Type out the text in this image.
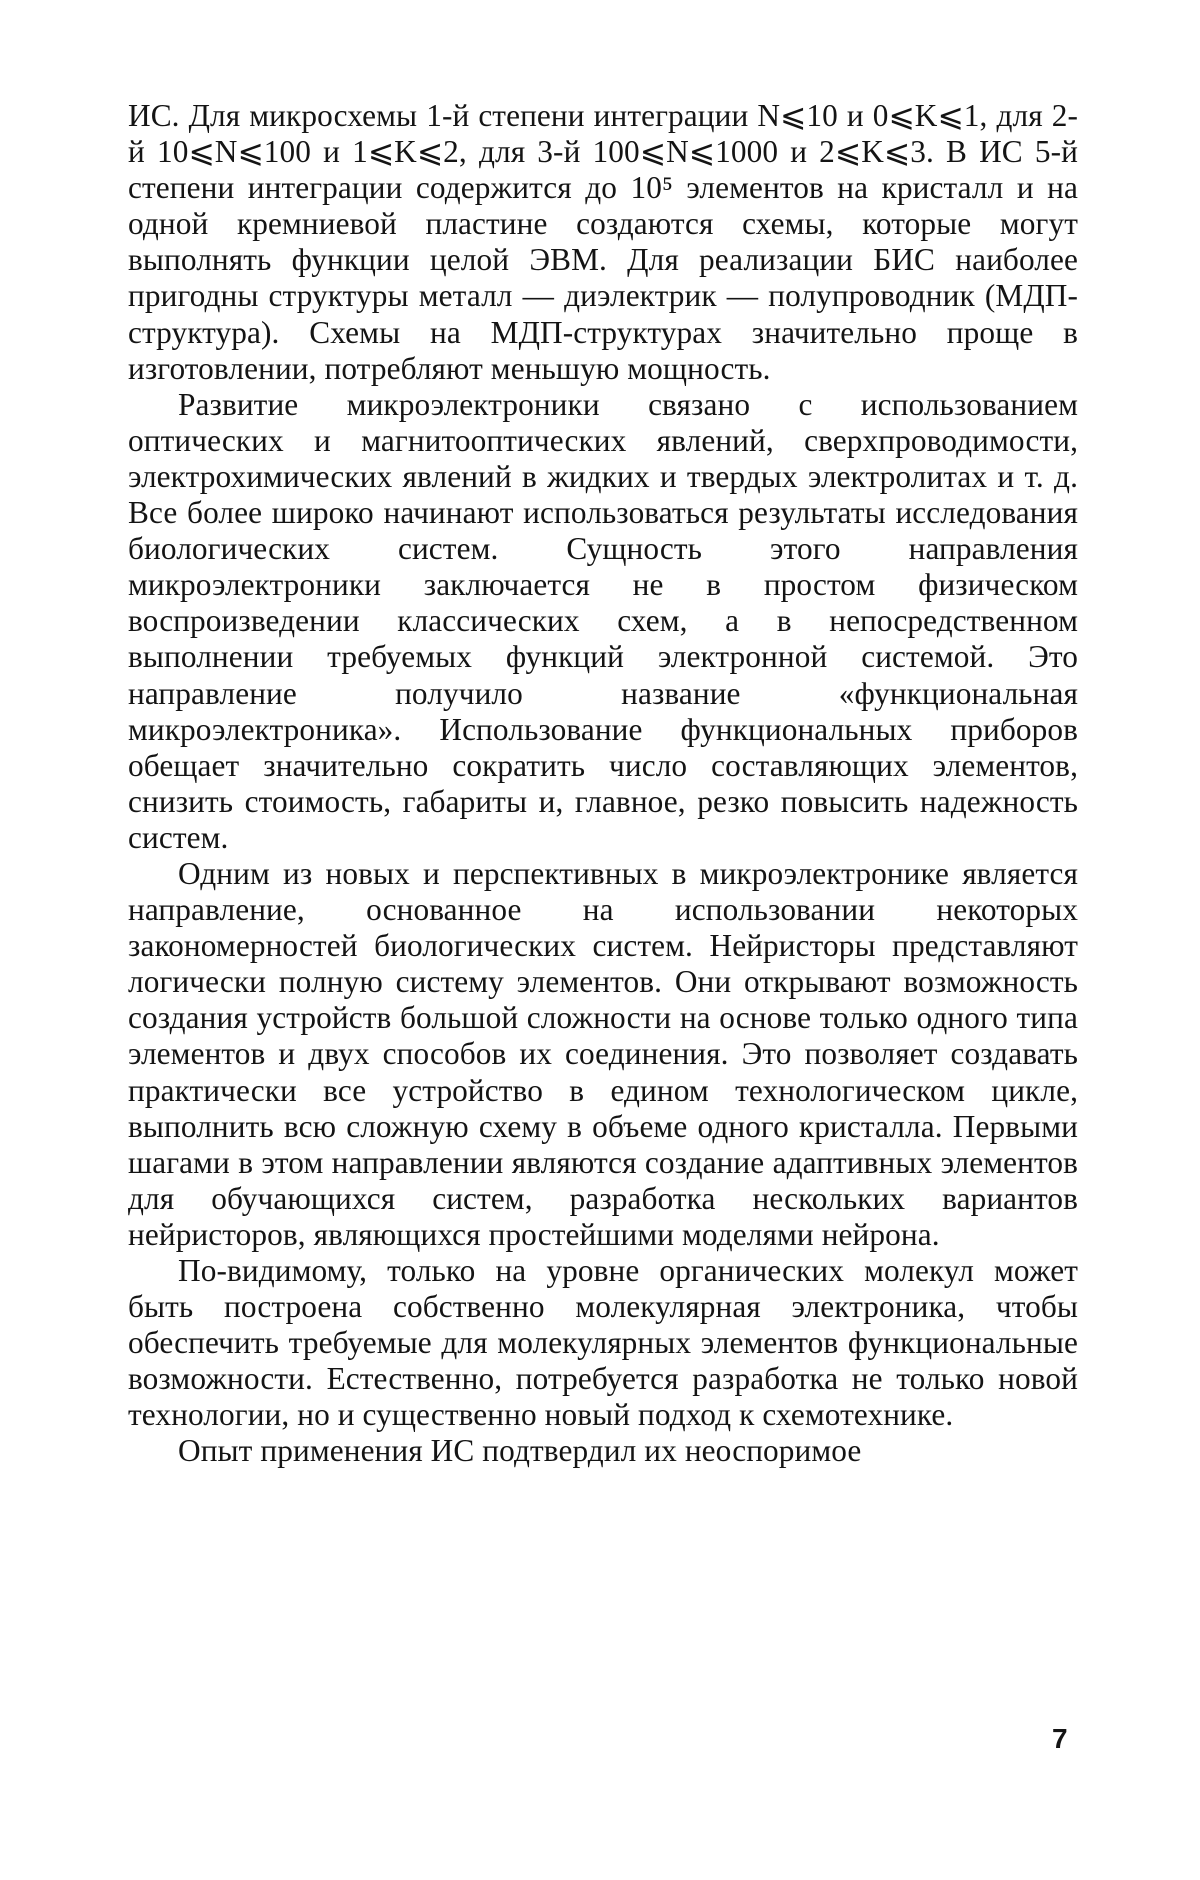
ИС. Для микросхемы 1-й степени интеграции N⩽10 и 0⩽K⩽1, для 2-й 10⩽N⩽100 и 1⩽K⩽2, для 3-й 100⩽N⩽1000 и 2⩽K⩽3. В ИС 5-й степени интеграции содержится до 10⁵ элементов на кристалл и на одной кремниевой пластине создаются схемы, которые могут выполнять функции целой ЭВМ. Для реализации БИС наиболее пригодны структуры металл — диэлектрик — полупроводник (МДП-структура). Схемы на МДП-структурах значительно проще в изготовлении, потребляют меньшую мощность.

Развитие микроэлектроники связано с использованием оптических и магнитооптических явлений, сверхпроводимости, электрохимических явлений в жидких и твердых электролитах и т. д. Все более широко начинают использоваться результаты исследования биологических систем. Сущность этого направления микроэлектроники заключается не в простом физическом воспроизведении классических схем, а в непосредственном выполнении требуемых функций электронной системой. Это направление получило название «функциональная микроэлектроника». Использование функциональных приборов обещает значительно сократить число составляющих элементов, снизить стоимость, габариты и, главное, резко повысить надежность систем.

Одним из новых и перспективных в микроэлектронике является направление, основанное на использовании некоторых закономерностей биологических систем. Нейристоры представляют логически полную систему элементов. Они открывают возможность создания устройств большой сложности на основе только одного типа элементов и двух способов их соединения. Это позволяет создавать практически все устройство в едином технологическом цикле, выполнить всю сложную схему в объеме одного кристалла. Первыми шагами в этом направлении являются создание адаптивных элементов для обучающихся систем, разработка нескольких вариантов нейристоров, являющихся простейшими моделями нейрона.

По-видимому, только на уровне органических молекул может быть построена собственно молекулярная электроника, чтобы обеспечить требуемые для молекулярных элементов функциональные возможности. Естественно, потребуется разработка не только новой технологии, но и существенно новый подход к схемотехнике.

Опыт применения ИС подтвердил их неоспоримое

7
